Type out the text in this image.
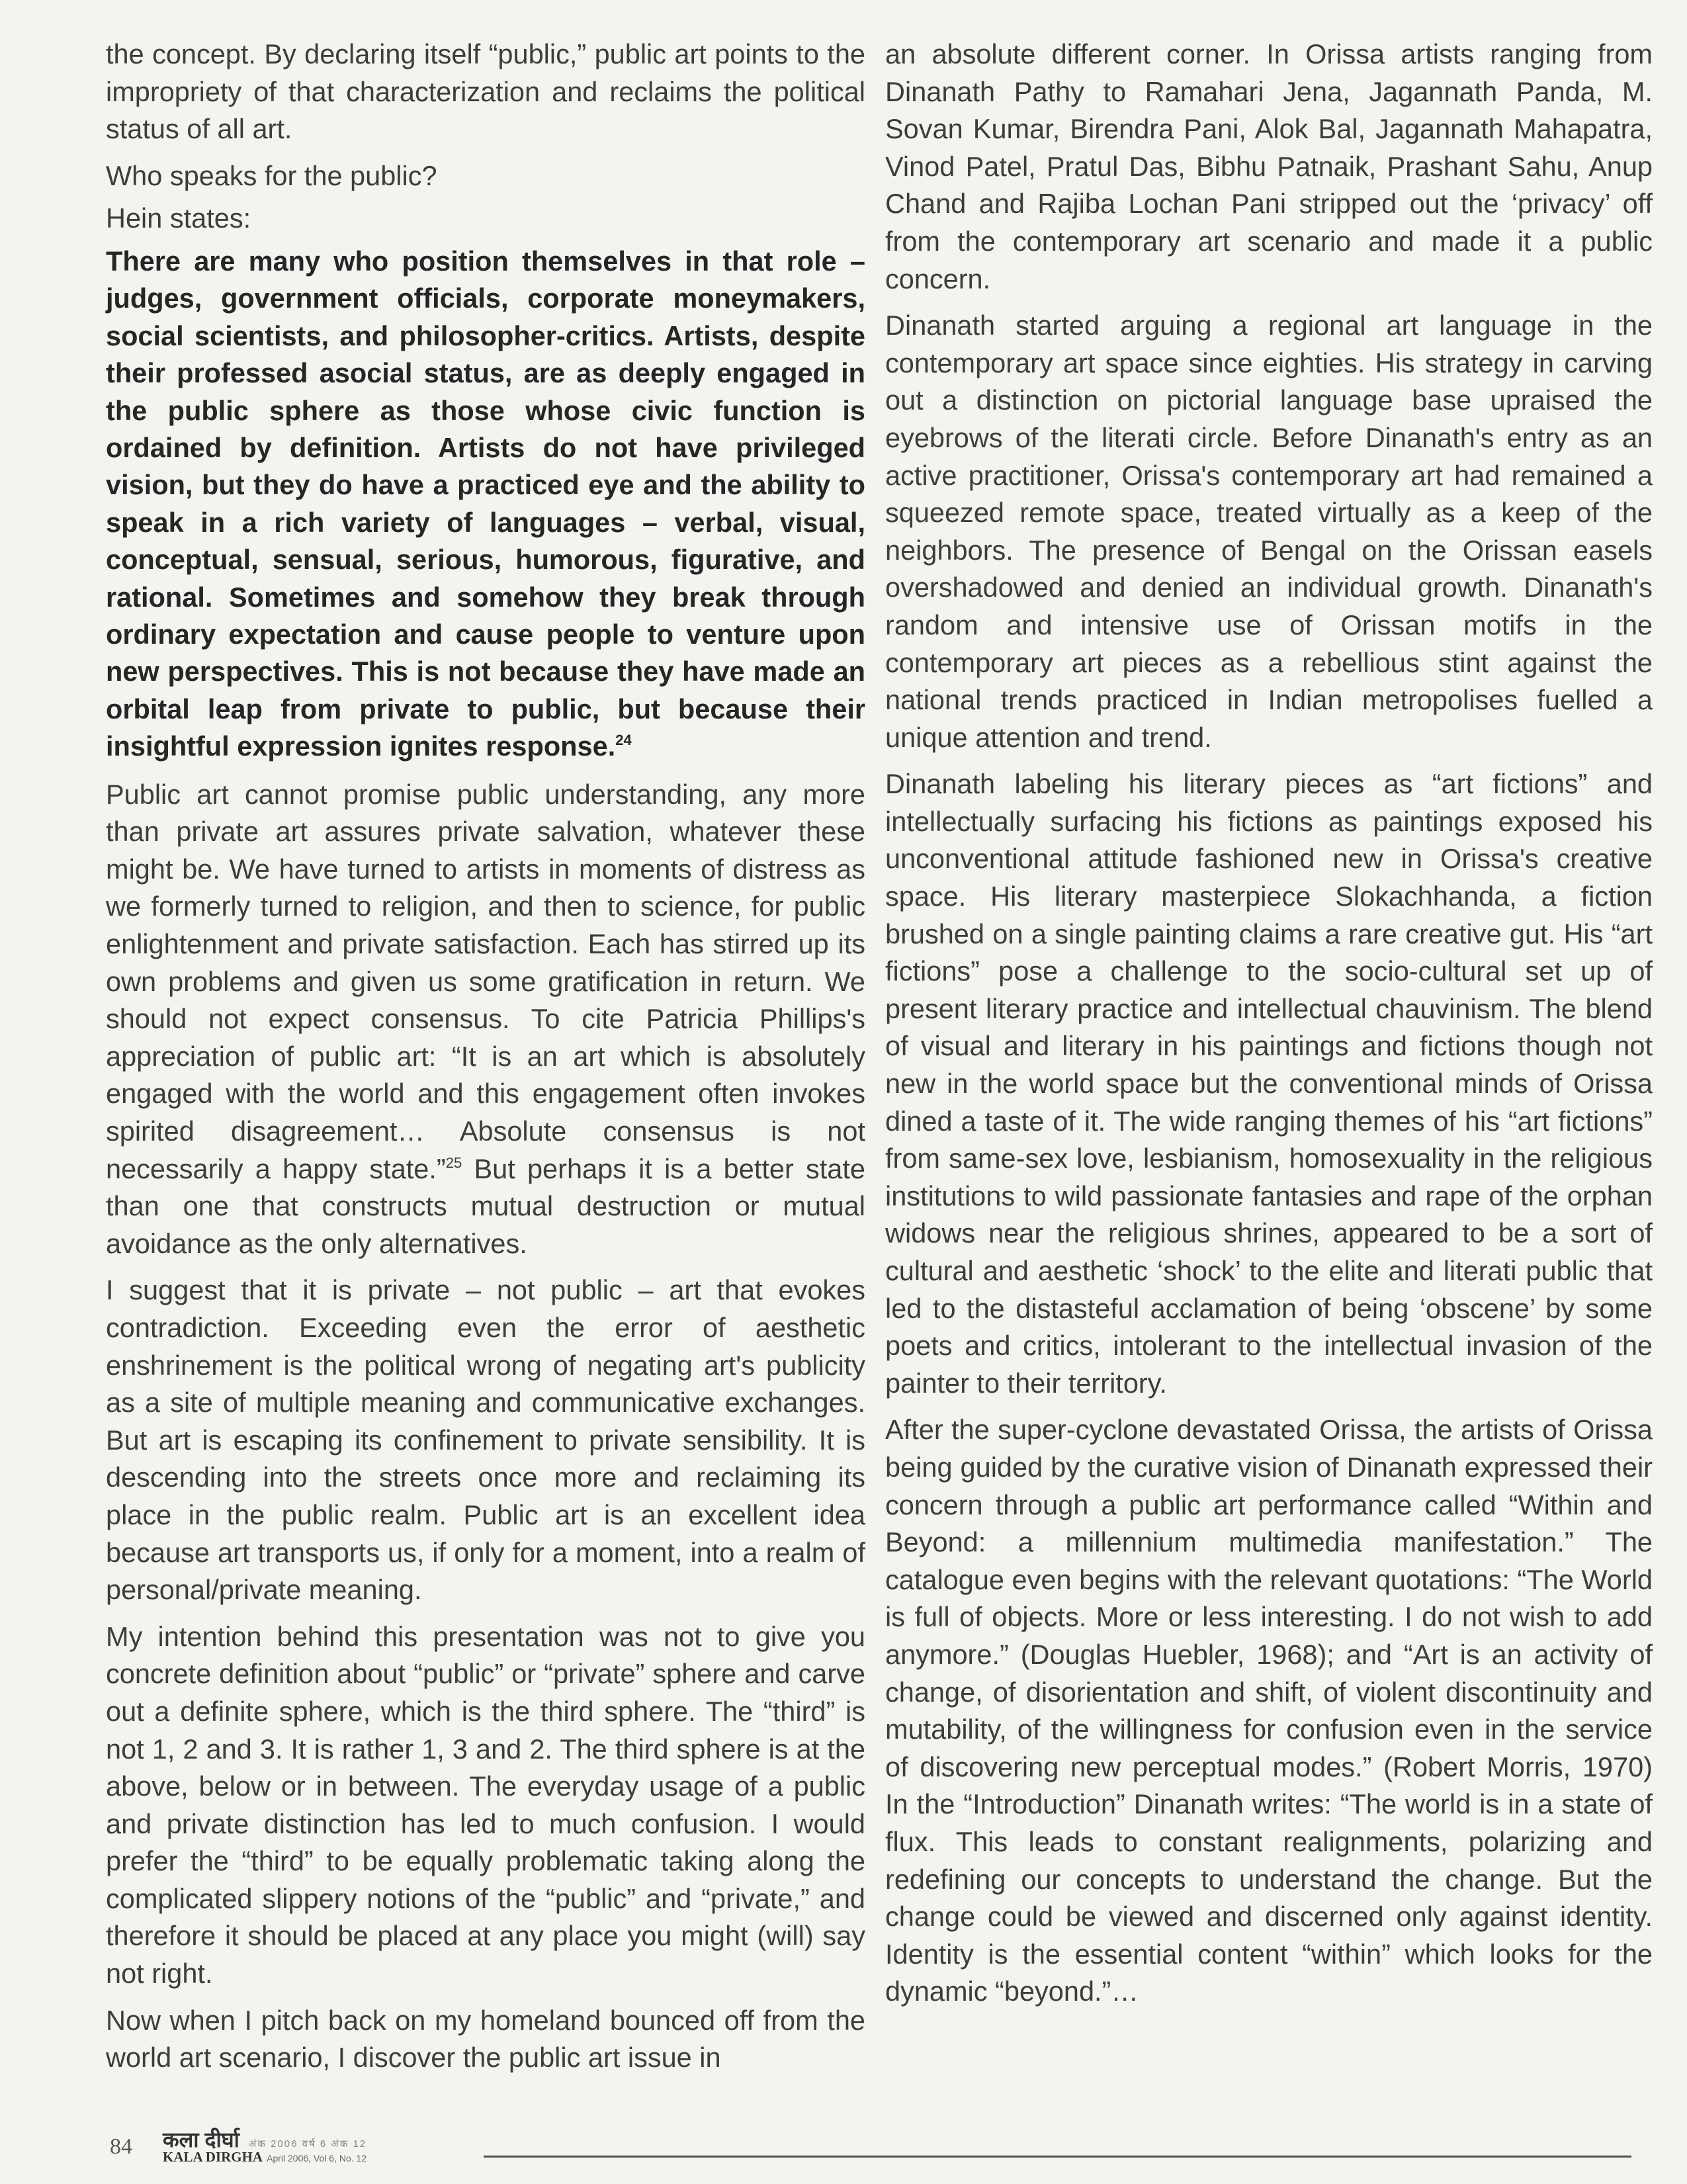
the concept. By declaring itself “public,” public art points to the impropriety of that characterization and reclaims the political status of all art.

Who speaks for the public?

Hein states:

There are many who position themselves in that role – judges, government officials, corporate moneymakers, social scientists, and philosopher-critics. Artists, despite their professed asocial status, are as deeply engaged in the public sphere as those whose civic function is ordained by definition. Artists do not have privileged vision, but they do have a practiced eye and the ability to speak in a rich variety of languages – verbal, visual, conceptual, sensual, serious, humorous, figurative, and rational. Sometimes and somehow they break through ordinary expectation and cause people to venture upon new perspectives. This is not because they have made an orbital leap from private to public, but because their insightful expression ignites response.$^{24}$

Public art cannot promise public understanding, any more than private art assures private salvation, whatever these might be. We have turned to artists in moments of distress as we formerly turned to religion, and then to science, for public enlightenment and private satisfaction. Each has stirred up its own problems and given us some gratification in return. We should not expect consensus. To cite Patricia Phillips's appreciation of public art: “It is an art which is absolutely engaged with the world and this engagement often invokes spirited disagreement… Absolute consensus is not necessarily a happy state.”$^{25}$ But perhaps it is a better state than one that constructs mutual destruction or mutual avoidance as the only alternatives.

I suggest that it is private – not public – art that evokes contradiction. Exceeding even the error of aesthetic enshrinement is the political wrong of negating art's publicity as a site of multiple meaning and communicative exchanges. But art is escaping its confinement to private sensibility. It is descending into the streets once more and reclaiming its place in the public realm. Public art is an excellent idea because art transports us, if only for a moment, into a realm of personal/private meaning.

My intention behind this presentation was not to give you concrete definition about “public” or “private” sphere and carve out a definite sphere, which is the third sphere. The “third” is not 1, 2 and 3. It is rather 1, 3 and 2. The third sphere is at the above, below or in between. The everyday usage of a public and private distinction has led to much confusion. I would prefer the “third” to be equally problematic taking along the complicated slippery notions of the “public” and “private,” and therefore it should be placed at any place you might (will) say not right.

Now when I pitch back on my homeland bounced off from the world art scenario, I discover the public art issue in

an absolute different corner. In Orissa artists ranging from Dinanath Pathy to Ramahari Jena, Jagannath Panda, M. Sovan Kumar, Birendra Pani, Alok Bal, Jagannath Mahapatra, Vinod Patel, Pratul Das, Bibhu Patnaik, Prashant Sahu, Anup Chand and Rajiba Lochan Pani stripped out the ‘privacy’ off from the contemporary art scenario and made it a public concern.

Dinanath started arguing a regional art language in the contemporary art space since eighties. His strategy in carving out a distinction on pictorial language base upraised the eyebrows of the literati circle. Before Dinanath's entry as an active practitioner, Orissa's contemporary art had remained a squeezed remote space, treated virtually as a keep of the neighbors. The presence of Bengal on the Orissan easels overshadowed and denied an individual growth. Dinanath's random and intensive use of Orissan motifs in the contemporary art pieces as a rebellious stint against the national trends practiced in Indian metropolises fuelled a unique attention and trend.

Dinanath labeling his literary pieces as “art fictions” and intellectually surfacing his fictions as paintings exposed his unconventional attitude fashioned new in Orissa's creative space. His literary masterpiece Slokachhanda, a fiction brushed on a single painting claims a rare creative gut. His “art fictions” pose a challenge to the socio-cultural set up of present literary practice and intellectual chauvinism. The blend of visual and literary in his paintings and fictions though not new in the world space but the conventional minds of Orissa dined a taste of it. The wide ranging themes of his “art fictions” from same-sex love, lesbianism, homosexuality in the religious institutions to wild passionate fantasies and rape of the orphan widows near the religious shrines, appeared to be a sort of cultural and aesthetic ‘shock’ to the elite and literati public that led to the distasteful acclamation of being ‘obscene’ by some poets and critics, intolerant to the intellectual invasion of the painter to their territory.

After the super-cyclone devastated Orissa, the artists of Orissa being guided by the curative vision of Dinanath expressed their concern through a public art performance called “Within and Beyond: a millennium multimedia manifestation.” The catalogue even begins with the relevant quotations: “The World is full of objects. More or less interesting. I do not wish to add anymore.” (Douglas Huebler, 1968); and “Art is an activity of change, of disorientation and shift, of violent discontinuity and mutability, of the willingness for confusion even in the service of discovering new perceptual modes.” (Robert Morris, 1970) In the “Introduction” Dinanath writes: “The world is in a state of flux. This leads to constant realignments, polarizing and redefining our concepts to understand the change. But the change could be viewed and discerned only against identity. Identity is the essential content “within” which looks for the dynamic “beyond.”…

84 कला दीर्घा अंक 2006 वर्ष 6 अंक 12
KALA DIRGHA April 2006, Vol 6, No. 12
